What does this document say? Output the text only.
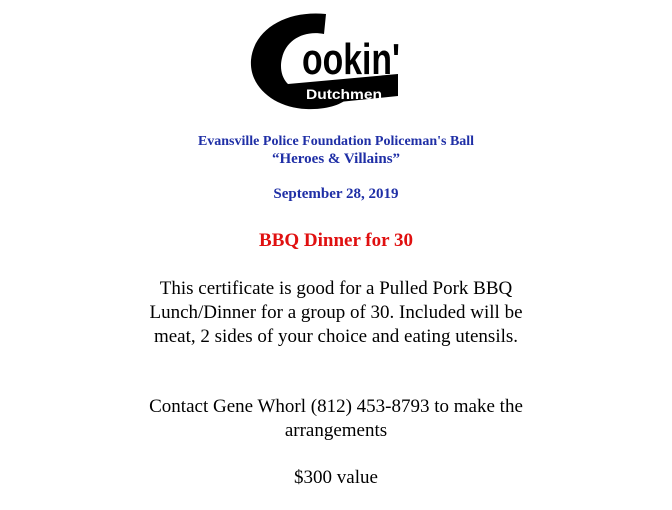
ookin'
Dutchmen
Evansville Police Foundation Policeman's Ball
“Heroes & Villains”
September 28, 2019
BBQ Dinner for 30
This certificate is good for a Pulled Pork BBQ Lunch/Dinner for a group of 30. Included will be meat, 2 sides of your choice and eating utensils.
Contact Gene Whorl (812) 453-8793 to make the arrangements
$300 value
